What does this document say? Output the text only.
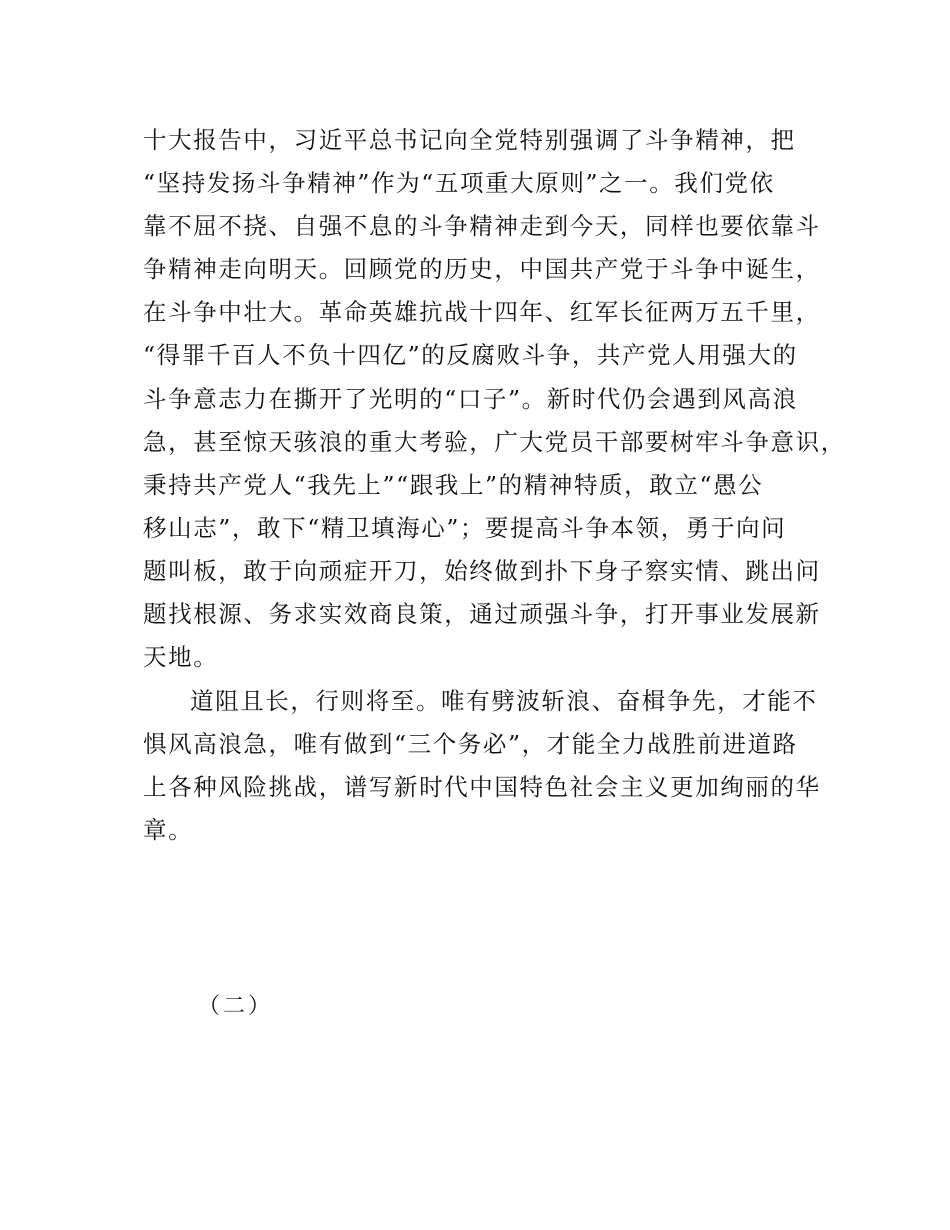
十大报告中，习近平总书记向全党特别强调了斗争精神，把
“坚持发扬斗争精神”作为“五项重大原则”之一。我们党依
靠不屈不挠、自强不息的斗争精神走到今天，同样也要依靠斗
争精神走向明天。回顾党的历史，中国共产党于斗争中诞生，
在斗争中壮大。革命英雄抗战十四年、红军长征两万五千里，
“得罪千百人不负十四亿”的反腐败斗争，共产党人用强大的
斗争意志力在撕开了光明的“口子”。新时代仍会遇到风高浪
急，甚至惊天骇浪的重大考验，广大党员干部要树牢斗争意识，
秉持共产党人“我先上”“跟我上”的精神特质，敢立“愚公
移山志”，敢下“精卫填海心”；要提高斗争本领，勇于向问
题叫板，敢于向顽症开刀，始终做到扑下身子察实情、跳出问
题找根源、务求实效商良策，通过顽强斗争，打开事业发展新
天地。
道阻且长，行则将至。唯有劈波斩浪、奋楫争先，才能不
惧风高浪急，唯有做到“三个务必”，才能全力战胜前进道路
上各种风险挑战，谱写新时代中国特色社会主义更加绚丽的华
章。
（二）
